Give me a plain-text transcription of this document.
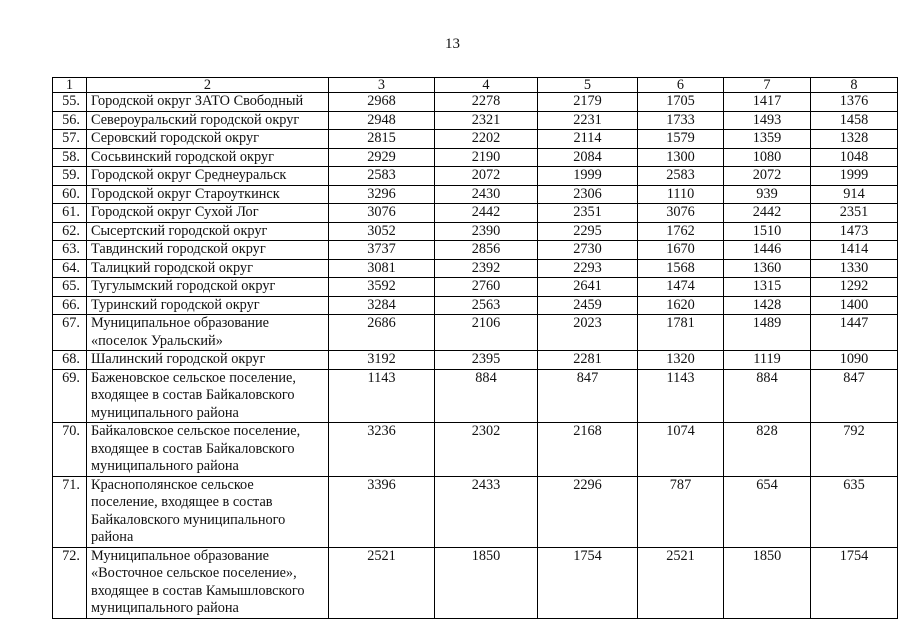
13
1	2	3	4	5	6	7	8
55.	Городской округ ЗАТО Свободный	2968	2278	2179	1705	1417	1376
56.	Североуральский городской округ	2948	2321	2231	1733	1493	1458
57.	Серовский городской округ	2815	2202	2114	1579	1359	1328
58.	Сосьвинский городской округ	2929	2190	2084	1300	1080	1048
59.	Городской округ Среднеуральск	2583	2072	1999	2583	2072	1999
60.	Городской округ Староуткинск	3296	2430	2306	1110	939	914
61.	Городской округ Сухой Лог	3076	2442	2351	3076	2442	2351
62.	Сысертский городской округ	3052	2390	2295	1762	1510	1473
63.	Тавдинский городской округ	3737	2856	2730	1670	1446	1414
64.	Талицкий городской округ	3081	2392	2293	1568	1360	1330
65.	Тугулымский городской округ	3592	2760	2641	1474	1315	1292
66.	Туринский городской округ	3284	2563	2459	1620	1428	1400
67.	Муниципальное образование
«поселок Уральский»	2686	2106	2023	1781	1489	1447
68.	Шалинский городской округ	3192	2395	2281	1320	1119	1090
69.	Баженовское сельское поселение,
входящее в состав Байкаловского
муниципального района	1143	884	847	1143	884	847
70.	Байкаловское сельское поселение,
входящее в состав Байкаловского
муниципального района	3236	2302	2168	1074	828	792
71.	Краснополянское сельское
поселение, входящее в состав
Байкаловского муниципального
района	3396	2433	2296	787	654	635
72.	Муниципальное образование
«Восточное сельское поселение»,
входящее в состав Камышловского
муниципального района	2521	1850	1754	2521	1850	1754
